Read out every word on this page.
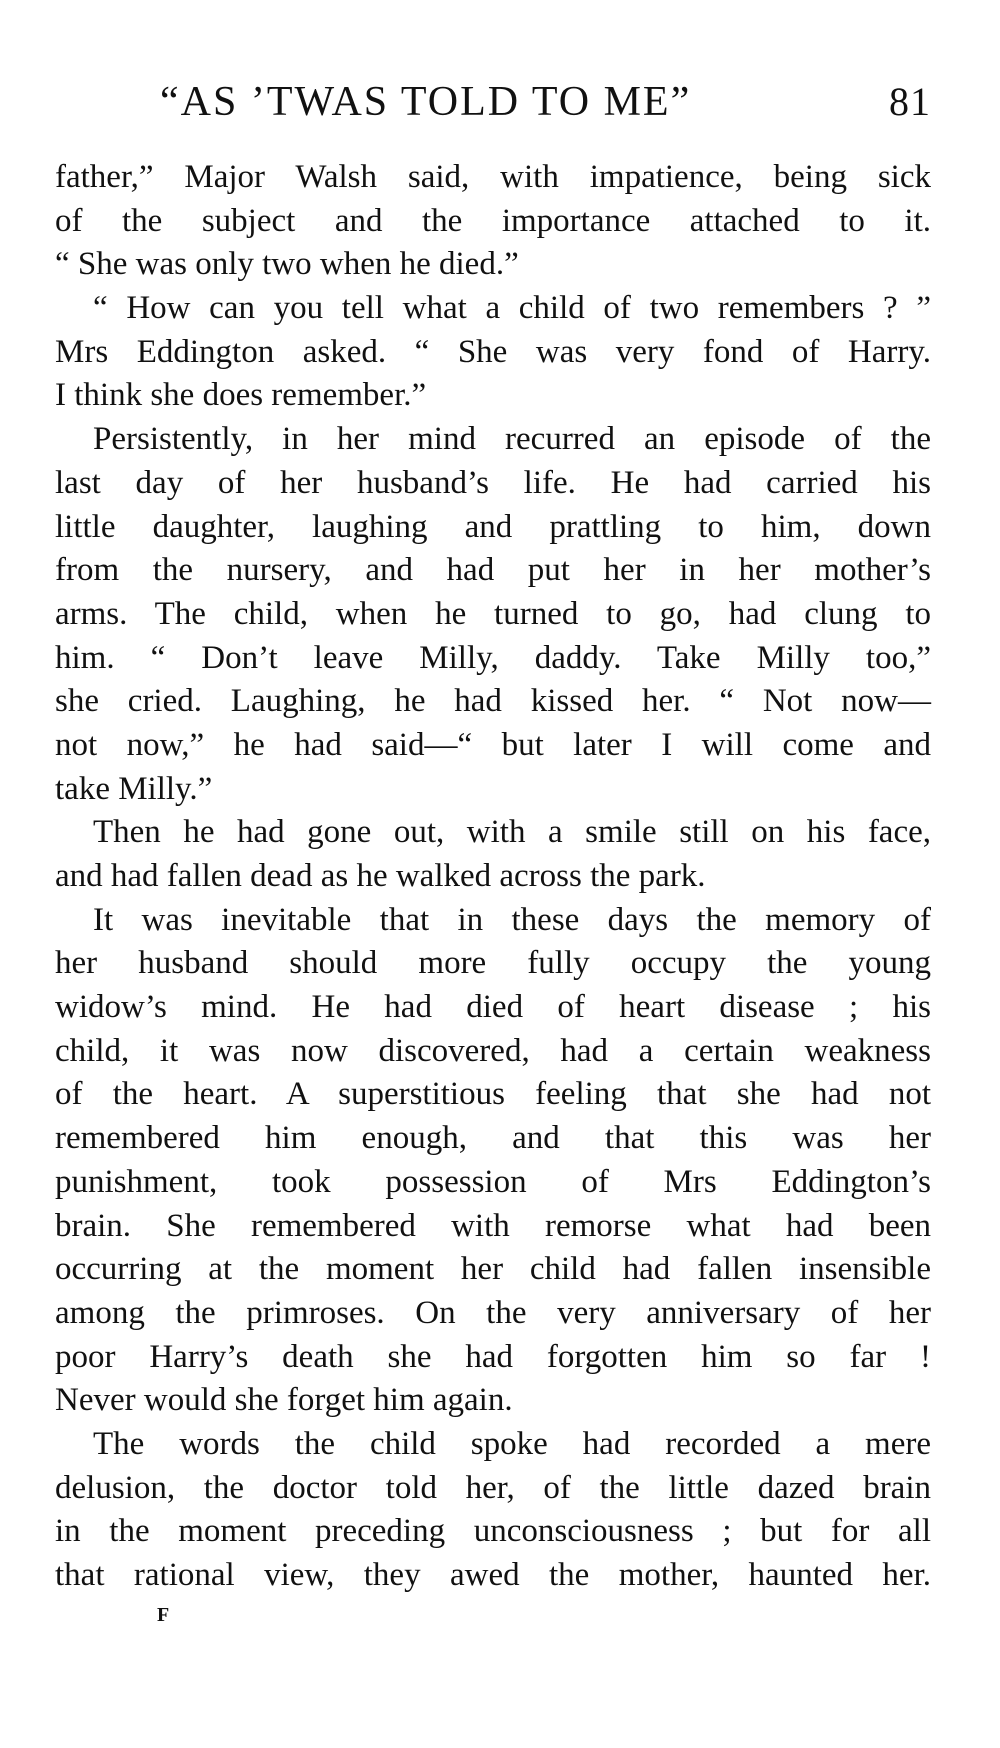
“AS ’TWAS TOLD TO ME”	81
father,” Major Walsh said, with impatience, being sick
of the subject and the importance attached to it.
“ She was only two when he died.”
“ How can you tell what a child of two remembers ? ”
Mrs Eddington asked. “ She was very fond of Harry.
I think she does remember.”
Persistently, in her mind recurred an episode of the
last day of her husband’s life. He had carried his
little daughter, laughing and prattling to him, down
from the nursery, and had put her in her mother’s
arms. The child, when he turned to go, had clung to
him. “ Don’t leave Milly, daddy. Take Milly too,”
she cried. Laughing, he had kissed her. “ Not now—
not now,” he had said—“ but later I will come and
take Milly.”
Then he had gone out, with a smile still on his face,
and had fallen dead as he walked across the park.
It was inevitable that in these days the memory of
her husband should more fully occupy the young
widow’s mind. He had died of heart disease ; his
child, it was now discovered, had a certain weakness
of the heart. A superstitious feeling that she had not
remembered him enough, and that this was her
punishment, took possession of Mrs Eddington’s
brain. She remembered with remorse what had been
occurring at the moment her child had fallen insensible
among the primroses. On the very anniversary of her
poor Harry’s death she had forgotten him so far !
Never would she forget him again.
The words the child spoke had recorded a mere
delusion, the doctor told her, of the little dazed brain
in the moment preceding unconsciousness ; but for all
that rational view, they awed the mother, haunted her.
F
